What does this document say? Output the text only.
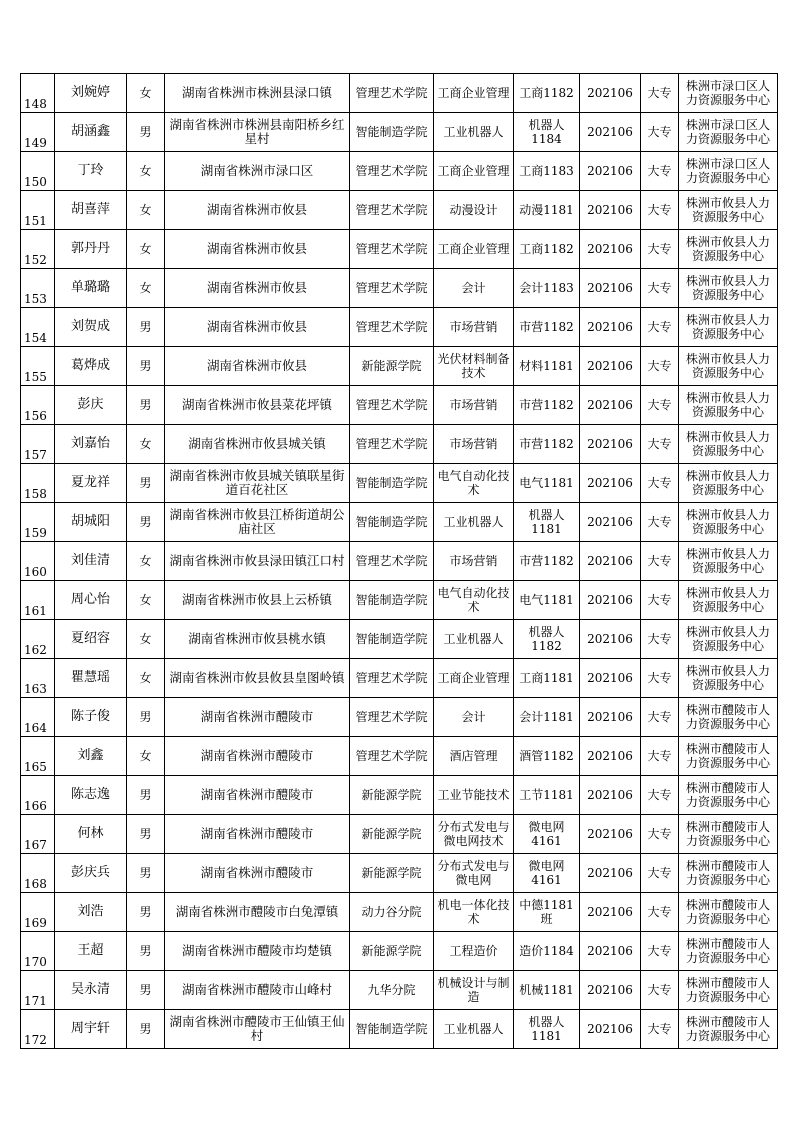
148	刘婉婷	女	湖南省株洲市株洲县渌口镇	管理艺术学院	工商企业管理	工商1182	202106	大专	株洲市渌口区人力资源服务中心
149	胡涵鑫	男	湖南省株洲市株洲县南阳桥乡红星村	智能制造学院	工业机器人	机器人1184	202106	大专	株洲市渌口区人力资源服务中心
150	丁玲	女	湖南省株洲市渌口区	管理艺术学院	工商企业管理	工商1183	202106	大专	株洲市渌口区人力资源服务中心
151	胡喜萍	女	湖南省株洲市攸县	管理艺术学院	动漫设计	动漫1181	202106	大专	株洲市攸县人力资源服务中心
152	郭丹丹	女	湖南省株洲市攸县	管理艺术学院	工商企业管理	工商1182	202106	大专	株洲市攸县人力资源服务中心
153	单璐璐	女	湖南省株洲市攸县	管理艺术学院	会计	会计1183	202106	大专	株洲市攸县人力资源服务中心
154	刘贺成	男	湖南省株洲市攸县	管理艺术学院	市场营销	市营1182	202106	大专	株洲市攸县人力资源服务中心
155	葛烨成	男	湖南省株洲市攸县	新能源学院	光伏材料制备技术	材料1181	202106	大专	株洲市攸县人力资源服务中心
156	彭庆	男	湖南省株洲市攸县菜花坪镇	管理艺术学院	市场营销	市营1182	202106	大专	株洲市攸县人力资源服务中心
157	刘嘉怡	女	湖南省株洲市攸县城关镇	管理艺术学院	市场营销	市营1182	202106	大专	株洲市攸县人力资源服务中心
158	夏龙祥	男	湖南省株洲市攸县城关镇联星街道百花社区	智能制造学院	电气自动化技术	电气1181	202106	大专	株洲市攸县人力资源服务中心
159	胡城阳	男	湖南省株洲市攸县江桥街道胡公庙社区	智能制造学院	工业机器人	机器人1181	202106	大专	株洲市攸县人力资源服务中心
160	刘佳清	女	湖南省株洲市攸县渌田镇江口村	管理艺术学院	市场营销	市营1182	202106	大专	株洲市攸县人力资源服务中心
161	周心怡	女	湖南省株洲市攸县上云桥镇	智能制造学院	电气自动化技术	电气1181	202106	大专	株洲市攸县人力资源服务中心
162	夏绍容	女	湖南省株洲市攸县桃水镇	智能制造学院	工业机器人	机器人1182	202106	大专	株洲市攸县人力资源服务中心
163	瞿慧瑶	女	湖南省株洲市攸县攸县皇图岭镇	管理艺术学院	工商企业管理	工商1181	202106	大专	株洲市攸县人力资源服务中心
164	陈子俊	男	湖南省株洲市醴陵市	管理艺术学院	会计	会计1181	202106	大专	株洲市醴陵市人力资源服务中心
165	刘鑫	女	湖南省株洲市醴陵市	管理艺术学院	酒店管理	酒管1182	202106	大专	株洲市醴陵市人力资源服务中心
166	陈志逸	男	湖南省株洲市醴陵市	新能源学院	工业节能技术	工节1181	202106	大专	株洲市醴陵市人力资源服务中心
167	何林	男	湖南省株洲市醴陵市	新能源学院	分布式发电与微电网技术	微电网4161	202106	大专	株洲市醴陵市人力资源服务中心
168	彭庆兵	男	湖南省株洲市醴陵市	新能源学院	分布式发电与微电网	微电网4161	202106	大专	株洲市醴陵市人力资源服务中心
169	刘浩	男	湖南省株洲市醴陵市白兔潭镇	动力谷分院	机电一体化技术	中德1181班	202106	大专	株洲市醴陵市人力资源服务中心
170	王超	男	湖南省株洲市醴陵市均楚镇	新能源学院	工程造价	造价1184	202106	大专	株洲市醴陵市人力资源服务中心
171	吴永清	男	湖南省株洲市醴陵市山峰村	九华分院	机械设计与制造	机械1181	202106	大专	株洲市醴陵市人力资源服务中心
172	周宇轩	男	湖南省株洲市醴陵市王仙镇王仙村	智能制造学院	工业机器人	机器人1181	202106	大专	株洲市醴陵市人力资源服务中心
